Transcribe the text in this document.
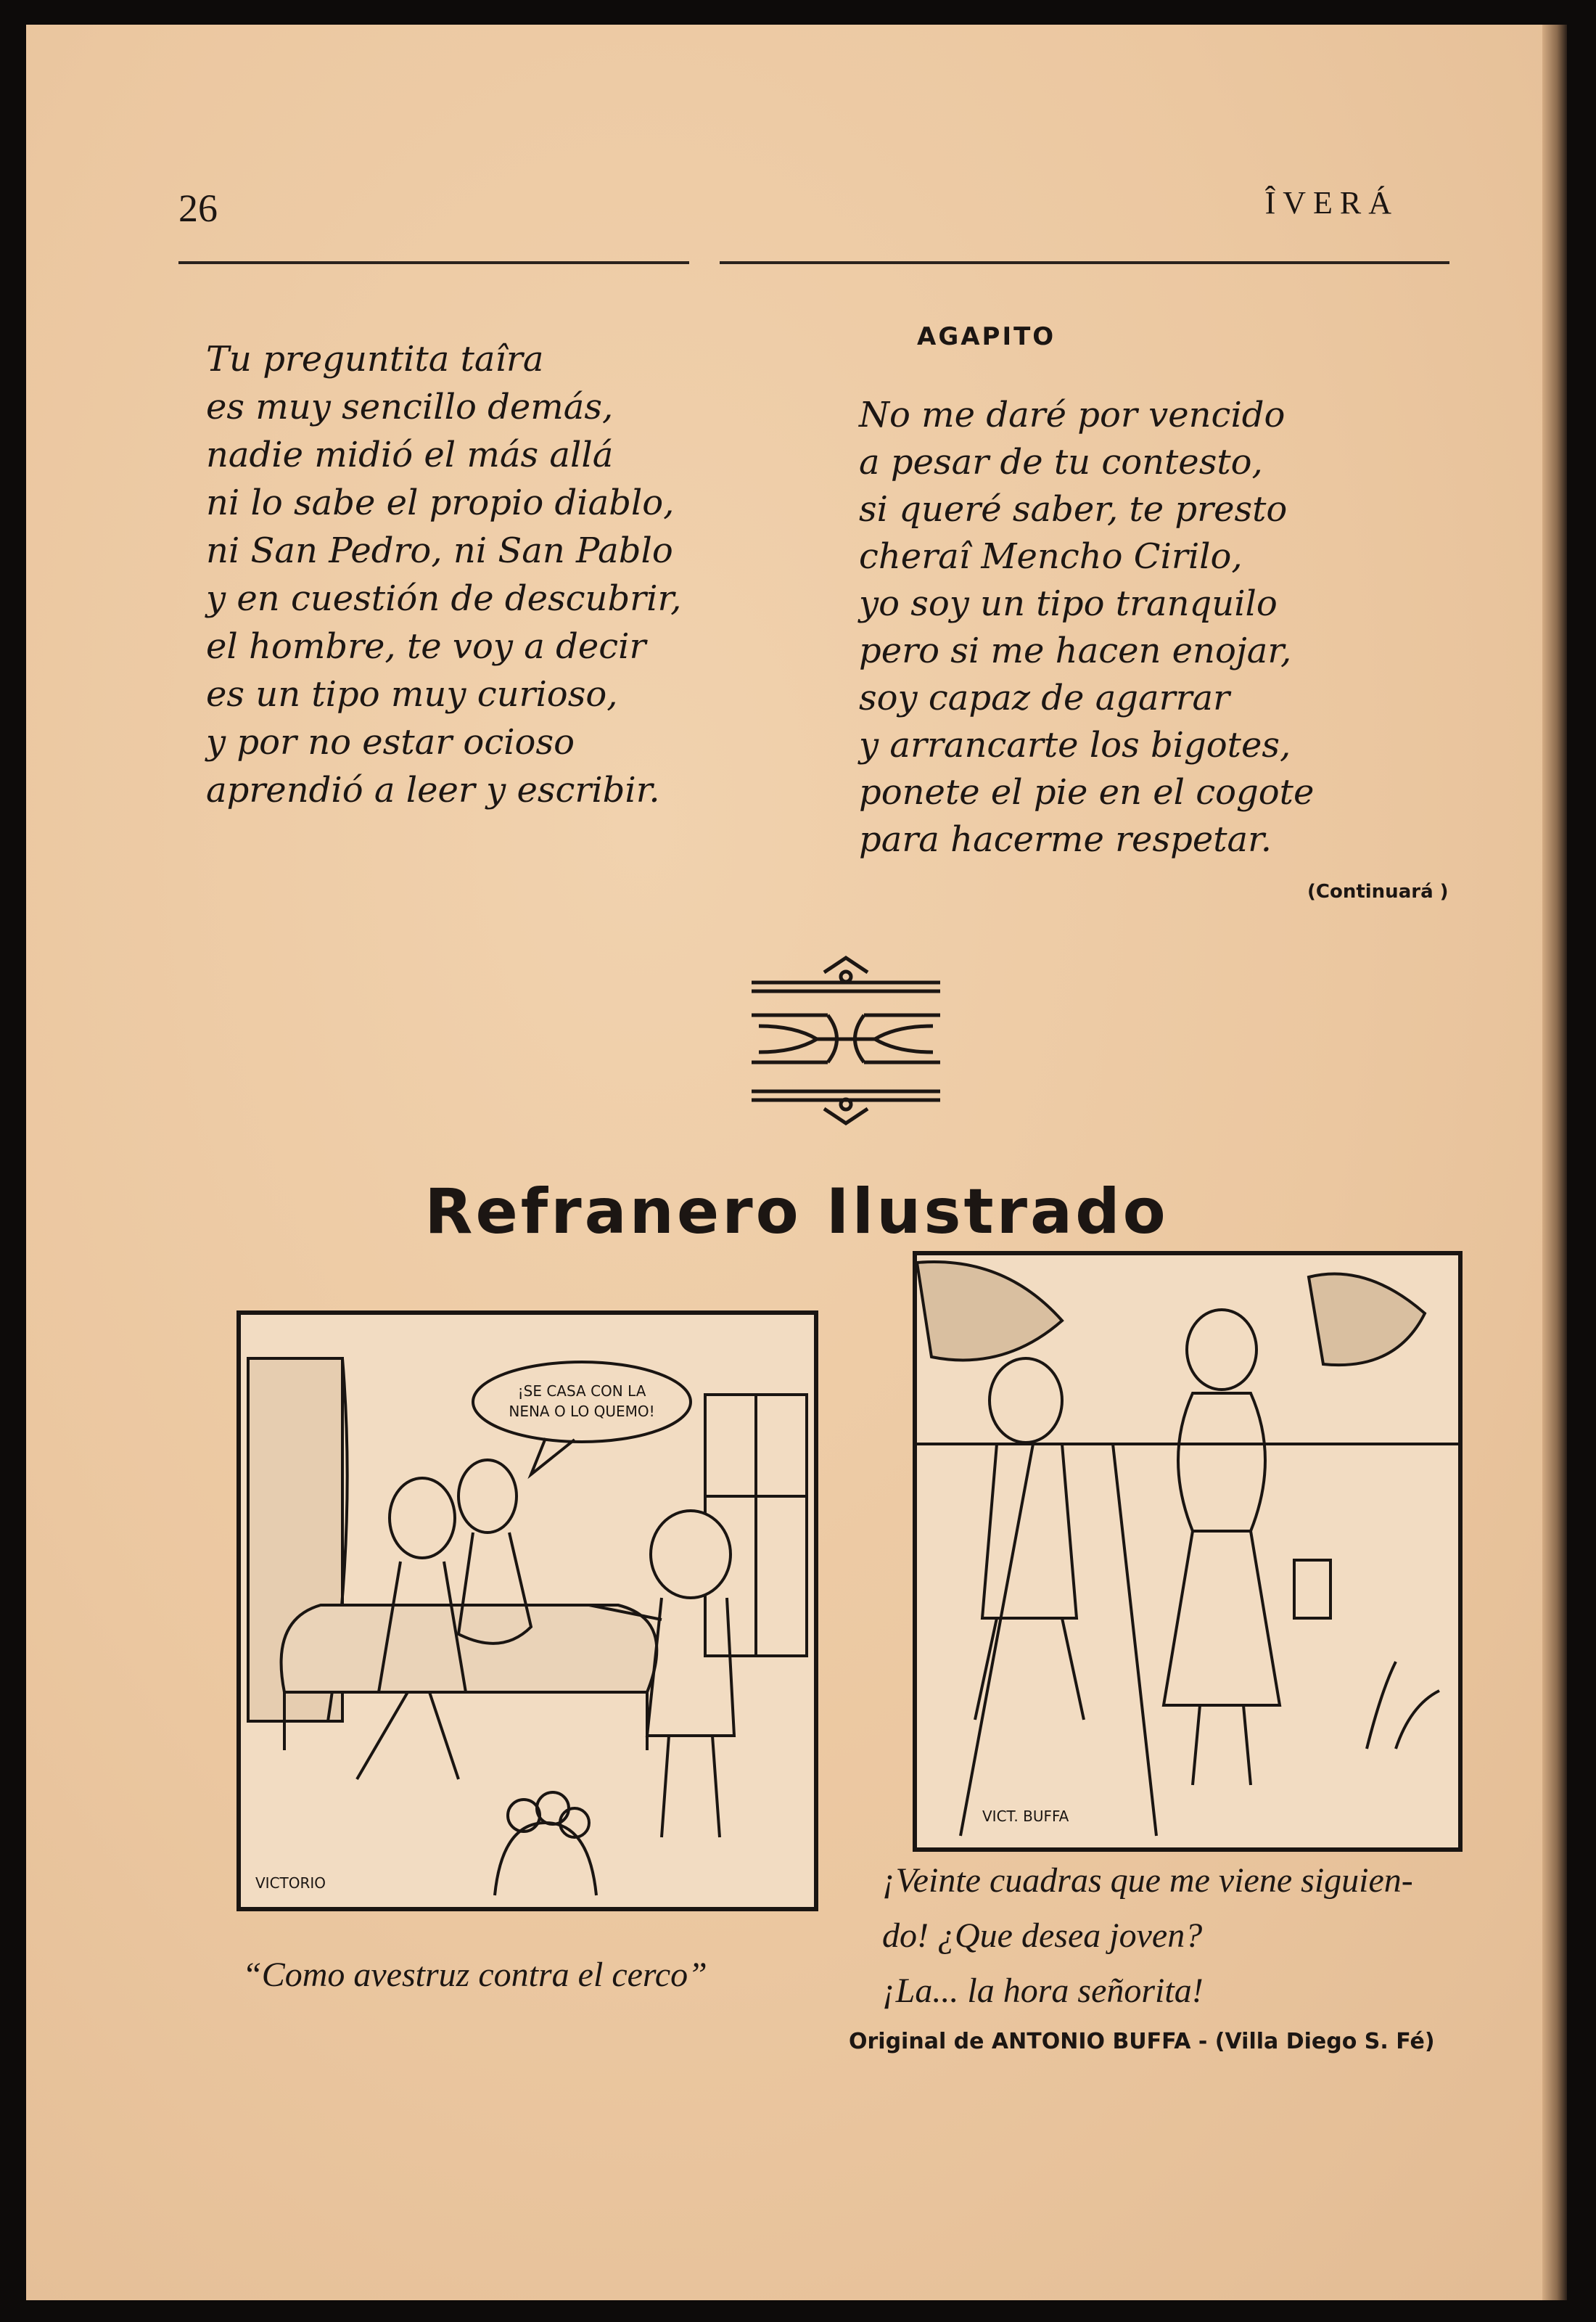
26	ÎVERÁ
Tu preguntita taîra
es muy sencillo demás,
nadie midió el más allá
ni lo sabe el propio diablo,
ni San Pedro, ni San Pablo
y en cuestión de descubrir,
el hombre, te voy a decir
es un tipo muy curioso,
y por no estar ocioso
aprendió a leer y escribir.
AGAPITO
No me daré por vencido
a pesar de tu contesto,
si queré saber, te presto
cheraî Mencho Cirilo,
yo soy un tipo tranquilo
pero si me hacen enojar,
soy capaz de agarrar
y arrancarte los bigotes,
ponete el pie en el cogote
para hacerme respetar.
(Continuará )
Refranero Ilustrado
¡SE CASA CON LA
NENA O LO QUEMO!
VICTORIO
VICT. BUFFA
“Como avestruz contra el cerco”
¡Veinte cuadras que me viene siguien-
do! ¿Que desea joven?
¡La... la hora señorita!
Original de ANTONIO BUFFA - (Villa Diego S. Fé)
